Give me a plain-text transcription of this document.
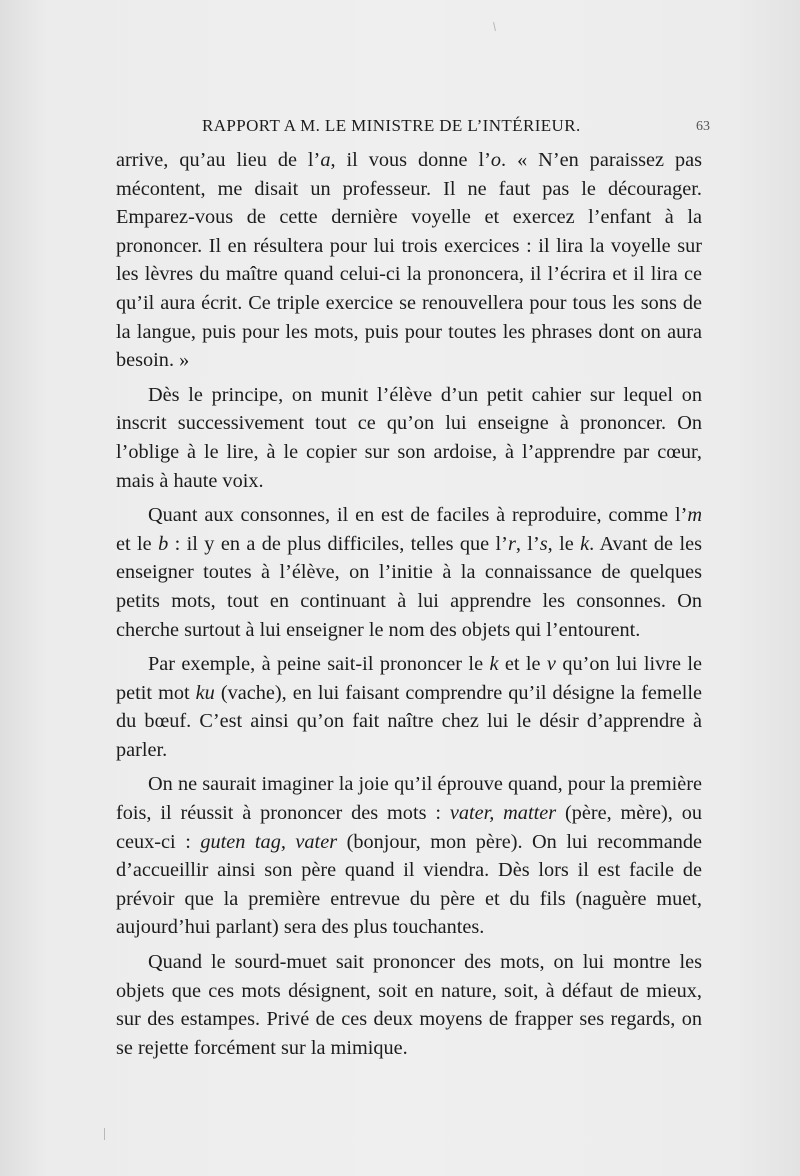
RAPPORT A M. LE MINISTRE DE L’INTÉRIEUR.	63

arrive, qu’au lieu de l’a, il vous donne l’o. « N’en paraissez pas mécontent, me disait un professeur. Il ne faut pas le décourager. Emparez-vous de cette dernière voyelle et exercez l’enfant à la prononcer. Il en résultera pour lui trois exercices : il lira la voyelle sur les lèvres du maître quand celui-ci la prononcera, il l’écrira et il lira ce qu’il aura écrit. Ce triple exercice se renouvellera pour tous les sons de la langue, puis pour les mots, puis pour toutes les phrases dont on aura besoin. »

Dès le principe, on munit l’élève d’un petit cahier sur lequel on inscrit successivement tout ce qu’on lui enseigne à prononcer. On l’oblige à le lire, à le copier sur son ardoise, à l’apprendre par cœur, mais à haute voix.

Quant aux consonnes, il en est de faciles à reproduire, comme l’m et le b : il y en a de plus difficiles, telles que l’r, l’s, le k. Avant de les enseigner toutes à l’élève, on l’initie à la connaissance de quelques petits mots, tout en continuant à lui apprendre les consonnes. On cherche surtout à lui enseigner le nom des objets qui l’entourent.

Par exemple, à peine sait-il prononcer le k et le v qu’on lui livre le petit mot ku (vache), en lui faisant comprendre qu’il désigne la femelle du bœuf. C’est ainsi qu’on fait naître chez lui le désir d’apprendre à parler.

On ne saurait imaginer la joie qu’il éprouve quand, pour la première fois, il réussit à prononcer des mots : vater, matter (père, mère), ou ceux-ci : guten tag, vater (bonjour, mon père). On lui recommande d’accueillir ainsi son père quand il viendra. Dès lors il est facile de prévoir que la première entrevue du père et du fils (naguère muet, aujourd’hui parlant) sera des plus touchantes.

Quand le sourd-muet sait prononcer des mots, on lui montre les objets que ces mots désignent, soit en nature, soit, à défaut de mieux, sur des estampes. Privé de ces deux moyens de frapper ses regards, on se rejette forcément sur la mimique.
